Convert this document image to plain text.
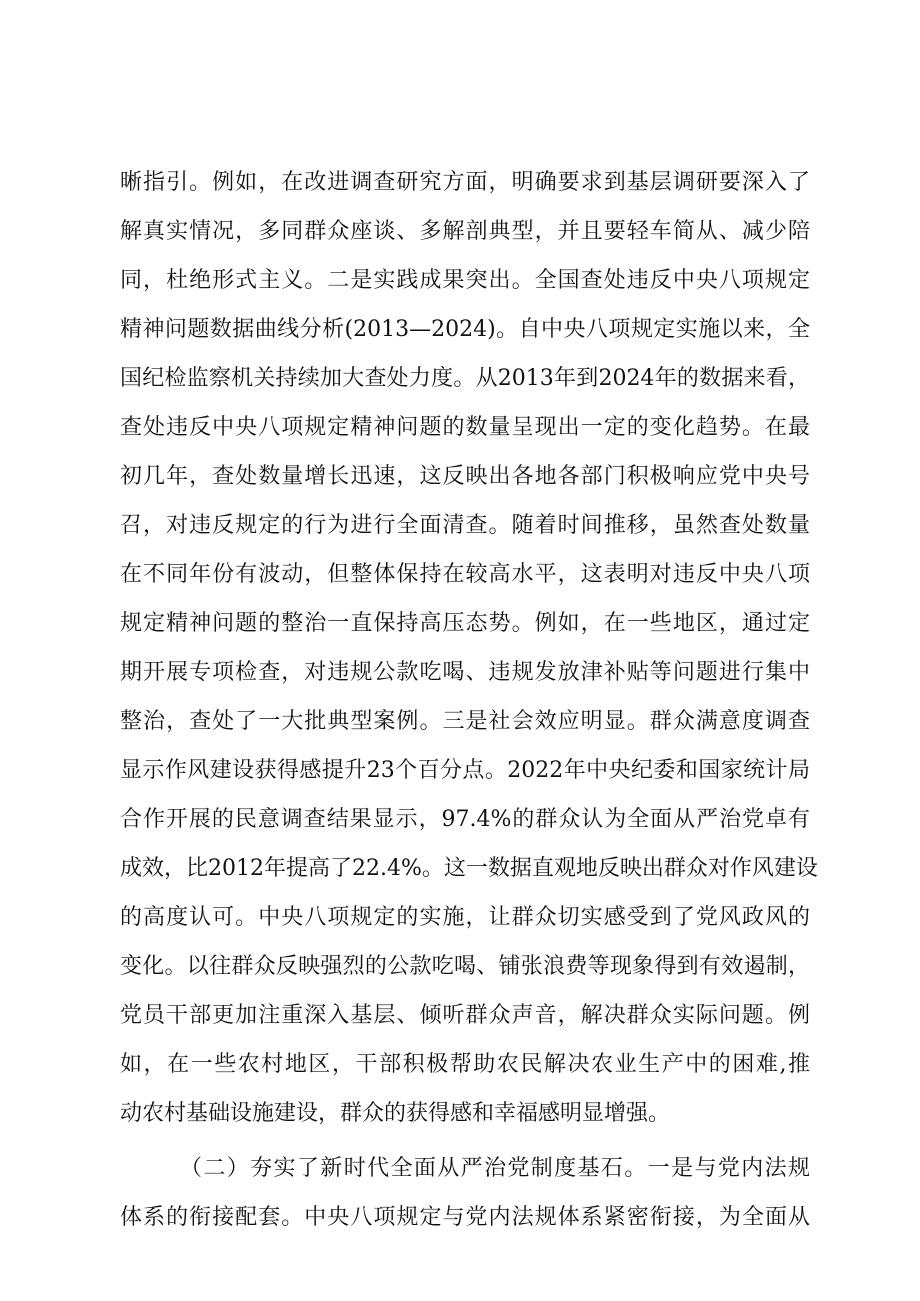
晰指引。例如，在改进调查研究方面，明确要求到基层调研要深入了
解真实情况，多同群众座谈、多解剖典型，并且要轻车简从、减少陪
同，杜绝形式主义。二是实践成果突出。全国查处违反中央八项规定
精神问题数据曲线分析(2013—2024)。自中央八项规定实施以来，全
国纪检监察机关持续加大查处力度。从2013年到2024年的数据来看，
查处违反中央八项规定精神问题的数量呈现出一定的变化趋势。在最
初几年，查处数量增长迅速，这反映出各地各部门积极响应党中央号
召，对违反规定的行为进行全面清查。随着时间推移，虽然查处数量
在不同年份有波动，但整体保持在较高水平，这表明对违反中央八项
规定精神问题的整治一直保持高压态势。例如，在一些地区，通过定
期开展专项检查，对违规公款吃喝、违规发放津补贴等问题进行集中
整治，查处了一大批典型案例。三是社会效应明显。群众满意度调查
显示作风建设获得感提升23个百分点。2022年中央纪委和国家统计局
合作开展的民意调查结果显示，97.4%的群众认为全面从严治党卓有
成效，比2012年提高了22.4%。这一数据直观地反映出群众对作风建设
的高度认可。中央八项规定的实施，让群众切实感受到了党风政风的
变化。以往群众反映强烈的公款吃喝、铺张浪费等现象得到有效遏制，
党员干部更加注重深入基层、倾听群众声音，解决群众实际问题。例
如，在一些农村地区，干部积极帮助农民解决农业生产中的困难,推
动农村基础设施建设，群众的获得感和幸福感明显增强。
（二）夯实了新时代全面从严治党制度基石。一是与党内法规
体系的衔接配套。中央八项规定与党内法规体系紧密衔接，为全面从
